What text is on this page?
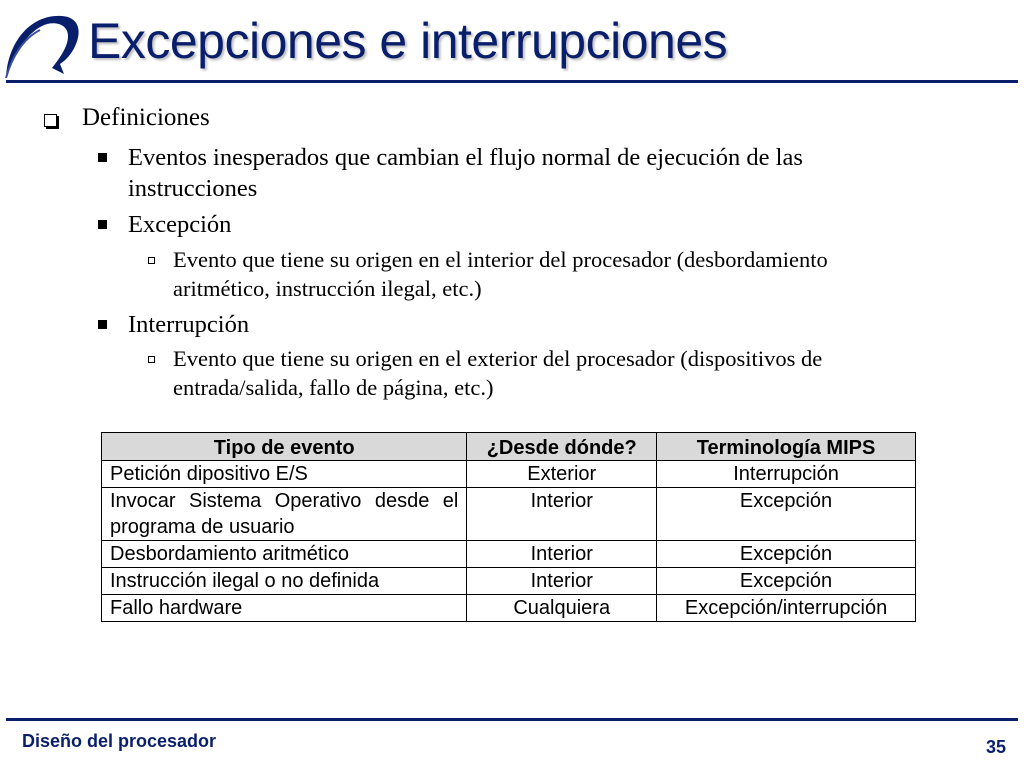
Excepciones e interrupciones
Definiciones
Eventos inesperados que cambian el flujo normal de ejecución de las
instrucciones
Excepción
Evento que tiene su origen en el interior del procesador (desbordamiento
aritmético, instrucción ilegal, etc.)
Interrupción
Evento que tiene su origen en el exterior del procesador (dispositivos de
entrada/salida, fallo de página, etc.)
Tipo de evento	¿Desde dónde?	Terminología MIPS
Petición dipositivo E/S	Exterior	Interrupción
Invocar Sistema Operativo desde el programa de usuario	Interior	Excepción
Desbordamiento aritmético	Interior	Excepción
Instrucción ilegal o no definida	Interior	Excepción
Fallo hardware	Cualquiera	Excepción/interrupción
Diseño del procesador	35
